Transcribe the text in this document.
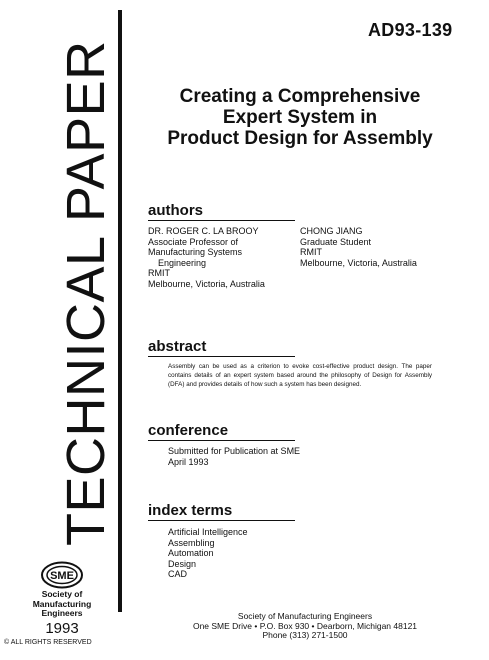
TECHNICAL PAPER
AD93-139
Creating a Comprehensive
Expert System in
Product Design for Assembly
authors
DR. ROGER C. LA BROOY
Associate Professor of
Manufacturing Systems
Engineering
RMIT
Melbourne, Victoria, Australia
CHONG JIANG
Graduate Student
RMIT
Melbourne, Victoria, Australia
abstract
Assembly can be used as a criterion to evoke cost-effective product design. The paper contains details of an expert system based around the philosophy of Design for Assembly (DFA) and provides details of how such a system has been designed.
conference
Submitted for Publication at SME
April 1993
index terms
Artificial Intelligence
Assembling
Automation
Design
CAD
SME
Society of
Manufacturing
Engineers
1993
© ALL RIGHTS RESERVED
Society of Manufacturing Engineers
One SME Drive • P.O. Box 930 • Dearborn, Michigan 48121
Phone (313) 271-1500
